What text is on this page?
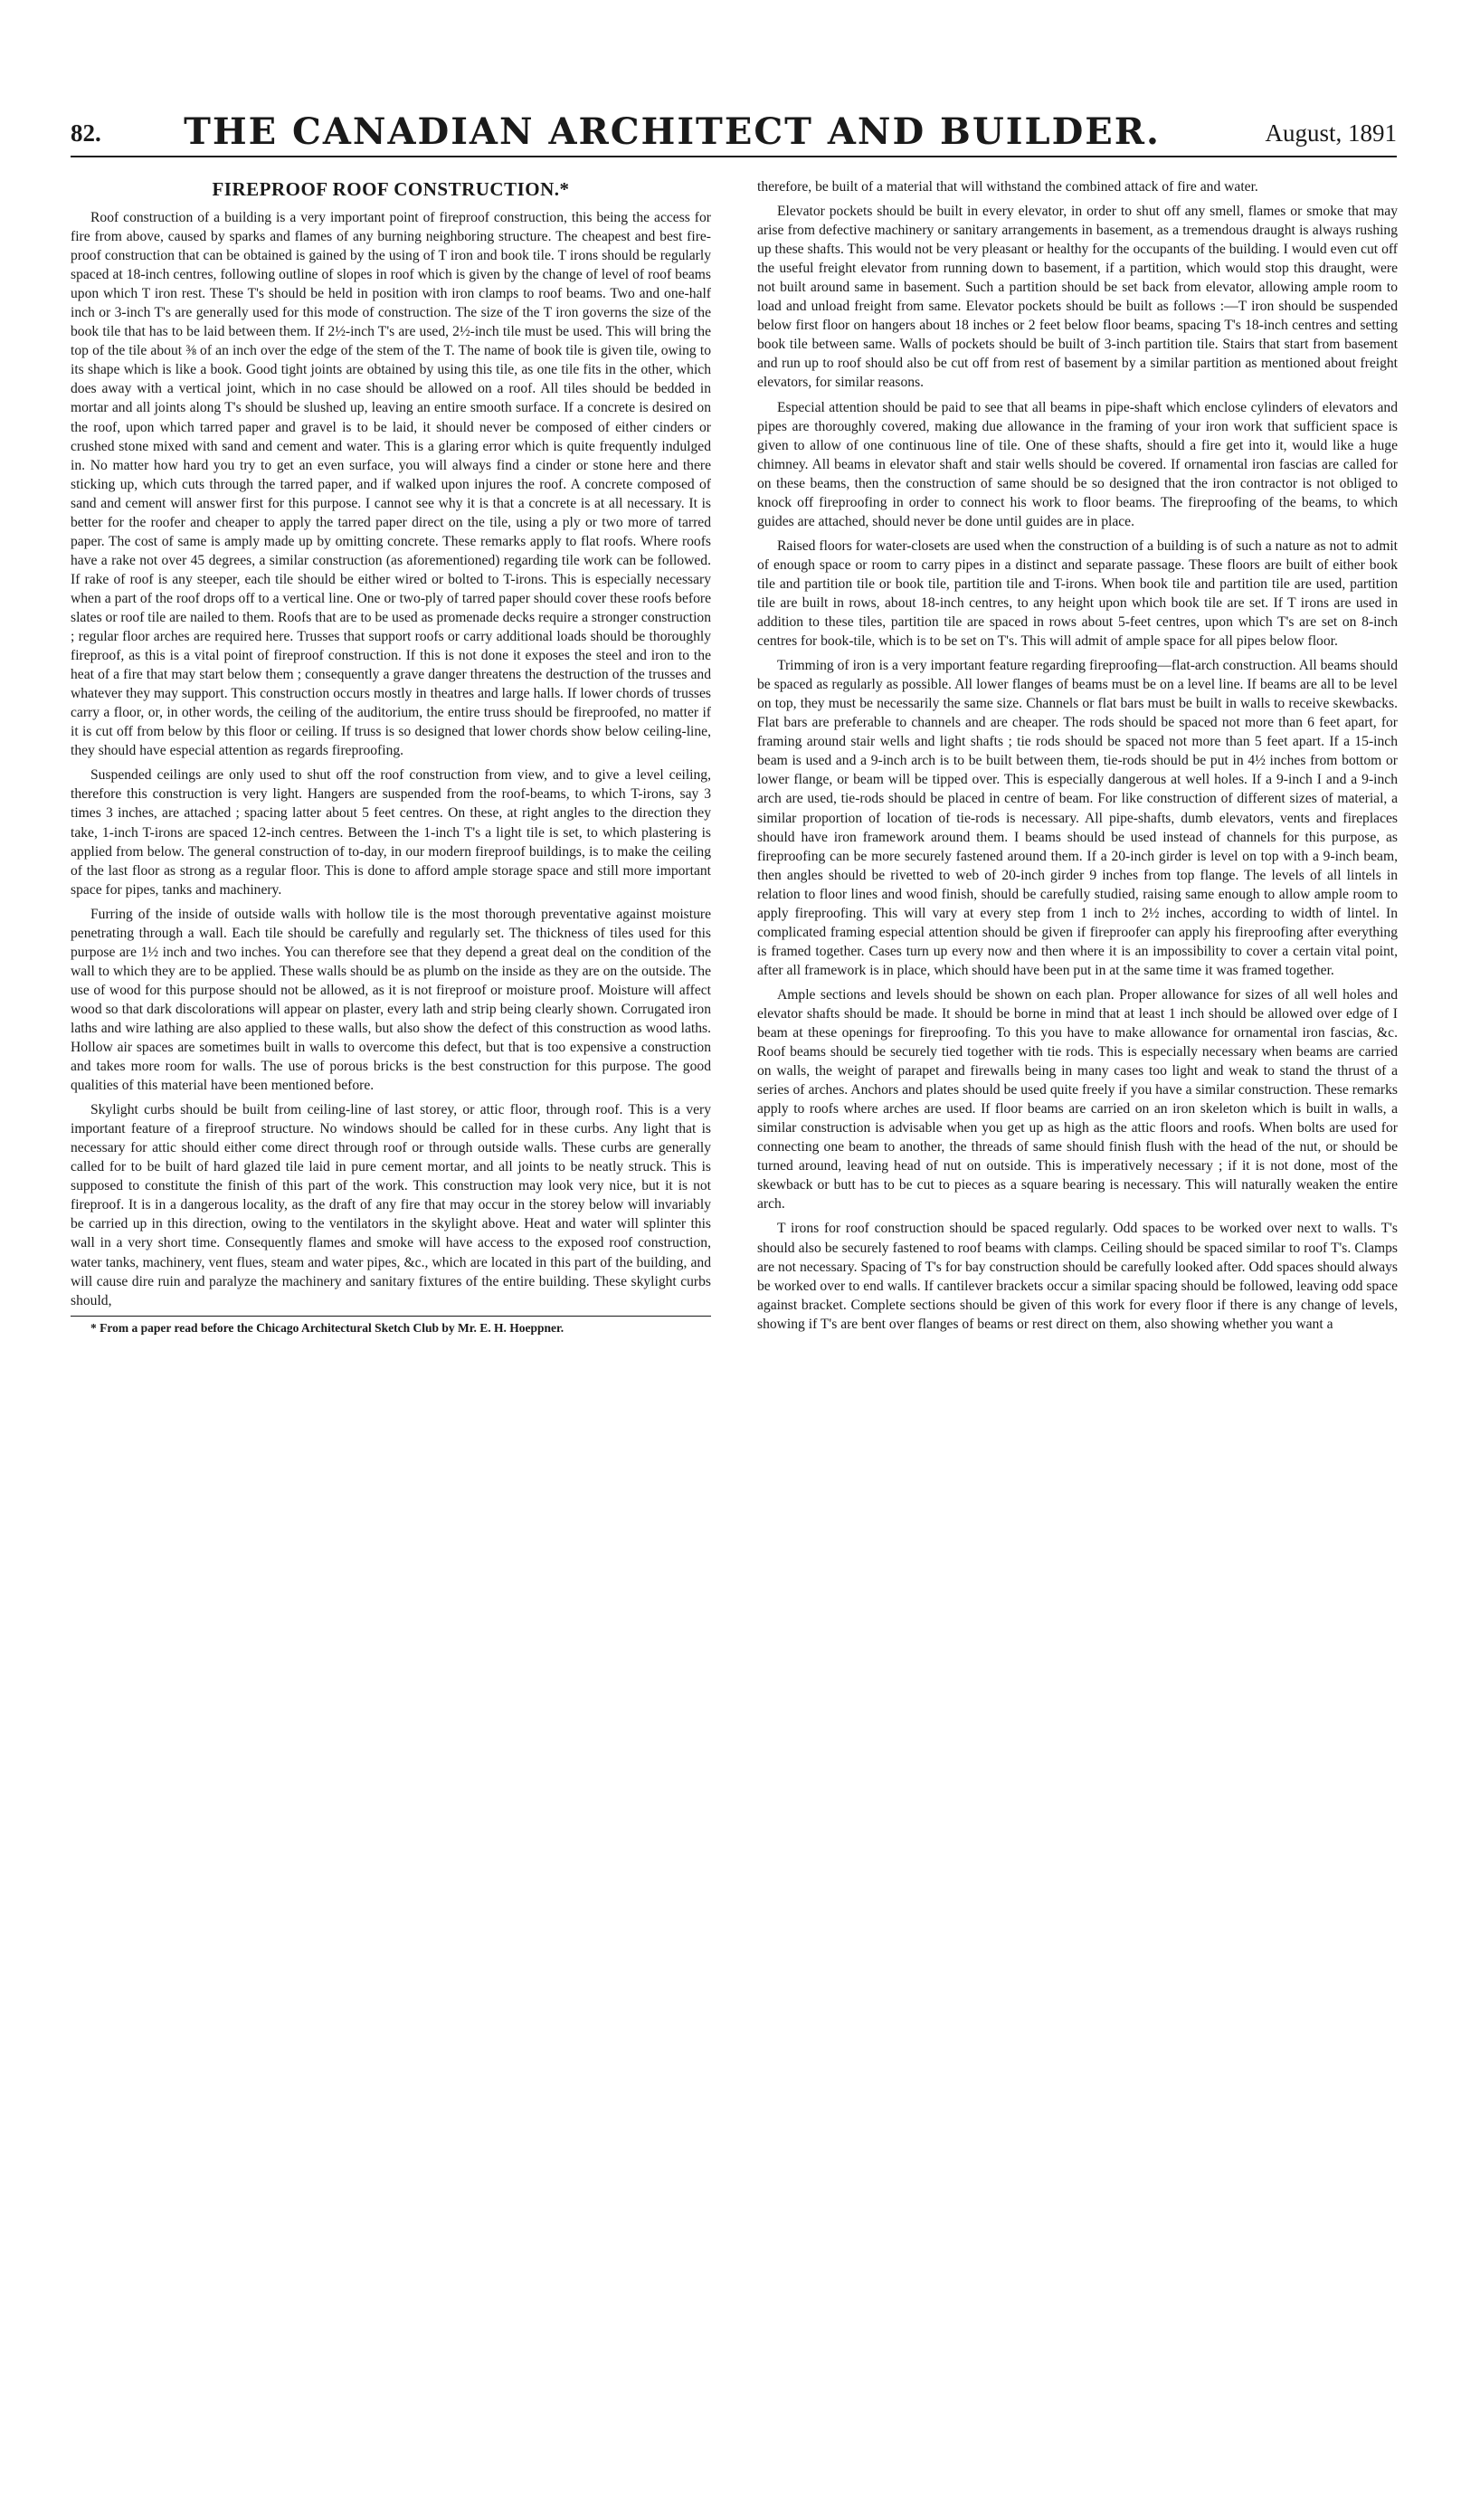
82. THE CANADIAN ARCHITECT AND BUILDER.	August, 1891
FIREPROOF ROOF CONSTRUCTION.*

Roof construction of a building is a very important point of fireproof construction, this being the access for fire from above, caused by sparks and flames of any burning neighboring structure. The cheapest and best fire-proof construction that can be obtained is gained by the using of T iron and book tile. T irons should be regularly spaced at 18-inch centres, following outline of slopes in roof which is given by the change of level of roof beams upon which T iron rest. These T's should be held in position with iron clamps to roof beams. Two and one-half inch or 3-inch T's are generally used for this mode of construction. The size of the T iron governs the size of the book tile that has to be laid between them. If 2½-inch T's are used, 2½-inch tile must be used. This will bring the top of the tile about ⅜ of an inch over the edge of the stem of the T. The name of book tile is given tile, owing to its shape which is like a book. Good tight joints are obtained by using this tile, as one tile fits in the other, which does away with a vertical joint, which in no case should be allowed on a roof. All tiles should be bedded in mortar and all joints along T's should be slushed up, leaving an entire smooth surface. If a concrete is desired on the roof, upon which tarred paper and gravel is to be laid, it should never be composed of either cinders or crushed stone mixed with sand and cement and water. This is a glaring error which is quite frequently indulged in. No matter how hard you try to get an even surface, you will always find a cinder or stone here and there sticking up, which cuts through the tarred paper, and if walked upon injures the roof. A concrete composed of sand and cement will answer first for this purpose. I cannot see why it is that a concrete is at all necessary. It is better for the roofer and cheaper to apply the tarred paper direct on the tile, using a ply or two more of tarred paper. The cost of same is amply made up by omitting concrete. These remarks apply to flat roofs. Where roofs have a rake not over 45 degrees, a similar construction (as aforementioned) regarding tile work can be followed. If rake of roof is any steeper, each tile should be either wired or bolted to T-irons. This is especially necessary when a part of the roof drops off to a vertical line. One or two-ply of tarred paper should cover these roofs before slates or roof tile are nailed to them. Roofs that are to be used as promenade decks require a stronger construction ; regular floor arches are required here. Trusses that support roofs or carry additional loads should be thoroughly fireproof, as this is a vital point of fireproof construction. If this is not done it exposes the steel and iron to the heat of a fire that may start below them ; consequently a grave danger threatens the destruction of the trusses and whatever they may support. This construction occurs mostly in theatres and large halls. If lower chords of trusses carry a floor, or, in other words, the ceiling of the auditorium, the entire truss should be fireproofed, no matter if it is cut off from below by this floor or ceiling. If truss is so designed that lower chords show below ceiling-line, they should have especial attention as regards fireproofing.

Suspended ceilings are only used to shut off the roof construction from view, and to give a level ceiling, therefore this construction is very light. Hangers are suspended from the roof-beams, to which T-irons, say 3 times 3 inches, are attached ; spacing latter about 5 feet centres. On these, at right angles to the direction they take, 1-inch T-irons are spaced 12-inch centres. Between the 1-inch T's a light tile is set, to which plastering is applied from below. The general construction of to-day, in our modern fireproof buildings, is to make the ceiling of the last floor as strong as a regular floor. This is done to afford ample storage space and still more important space for pipes, tanks and machinery.

Furring of the inside of outside walls with hollow tile is the most thorough preventative against moisture penetrating through a wall. Each tile should be carefully and regularly set. The thickness of tiles used for this purpose are 1½ inch and two inches. You can therefore see that they depend a great deal on the condition of the wall to which they are to be applied. These walls should be as plumb on the inside as they are on the outside. The use of wood for this purpose should not be allowed, as it is not fireproof or moisture proof. Moisture will affect wood so that dark discolorations will appear on plaster, every lath and strip being clearly shown. Corrugated iron laths and wire lathing are also applied to these walls, but also show the defect of this construction as wood laths. Hollow air spaces are sometimes built in walls to overcome this defect, but that is too expensive a construction and takes more room for walls. The use of porous bricks is the best construction for this purpose. The good qualities of this material have been mentioned before.

Skylight curbs should be built from ceiling-line of last storey, or attic floor, through roof. This is a very important feature of a fireproof structure. No windows should be called for in these curbs. Any light that is necessary for attic should either come direct through roof or through outside walls. These curbs are generally called for to be built of hard glazed tile laid in pure cement mortar, and all joints to be neatly struck. This is supposed to constitute the finish of this part of the work. This construction may look very nice, but it is not fireproof. It is in a dangerous locality, as the draft of any fire that may occur in the storey below will invariably be carried up in this direction, owing to the ventilators in the skylight above. Heat and water will splinter this wall in a very short time. Consequently flames and smoke will have access to the exposed roof construction, water tanks, machinery, vent flues, steam and water pipes, &c., which are located in this part of the building, and will cause dire ruin and paralyze the machinery and sanitary fixtures of the entire building. These skylight curbs should,

* From a paper read before the Chicago Architectural Sketch Club by Mr. E. H. Hoeppner.

therefore, be built of a material that will withstand the combined attack of fire and water.

Elevator pockets should be built in every elevator, in order to shut off any smell, flames or smoke that may arise from defective machinery or sanitary arrangements in basement, as a tremendous draught is always rushing up these shafts. This would not be very pleasant or healthy for the occupants of the building. I would even cut off the useful freight elevator from running down to basement, if a partition, which would stop this draught, were not built around same in basement. Such a partition should be set back from elevator, allowing ample room to load and unload freight from same. Elevator pockets should be built as follows :—T iron should be suspended below first floor on hangers about 18 inches or 2 feet below floor beams, spacing T's 18-inch centres and setting book tile between same. Walls of pockets should be built of 3-inch partition tile. Stairs that start from basement and run up to roof should also be cut off from rest of basement by a similar partition as mentioned about freight elevators, for similar reasons.

Especial attention should be paid to see that all beams in pipe-shaft which enclose cylinders of elevators and pipes are thoroughly covered, making due allowance in the framing of your iron work that sufficient space is given to allow of one continuous line of tile. One of these shafts, should a fire get into it, would like a huge chimney. All beams in elevator shaft and stair wells should be covered. If ornamental iron fascias are called for on these beams, then the construction of same should be so designed that the iron contractor is not obliged to knock off fireproofing in order to connect his work to floor beams. The fireproofing of the beams, to which guides are attached, should never be done until guides are in place.

Raised floors for water-closets are used when the construction of a building is of such a nature as not to admit of enough space or room to carry pipes in a distinct and separate passage. These floors are built of either book tile and partition tile or book tile, partition tile and T-irons. When book tile and partition tile are used, partition tile are built in rows, about 18-inch centres, to any height upon which book tile are set. If T irons are used in addition to these tiles, partition tile are spaced in rows about 5-feet centres, upon which T's are set on 8-inch centres for book-tile, which is to be set on T's. This will admit of ample space for all pipes below floor.

Trimming of iron is a very important feature regarding fireproofing—flat-arch construction. All beams should be spaced as regularly as possible. All lower flanges of beams must be on a level line. If beams are all to be level on top, they must be necessarily the same size. Channels or flat bars must be built in walls to receive skewbacks. Flat bars are preferable to channels and are cheaper. The rods should be spaced not more than 6 feet apart, for framing around stair wells and light shafts ; tie rods should be spaced not more than 5 feet apart. If a 15-inch beam is used and a 9-inch arch is to be built between them, tie-rods should be put in 4½ inches from bottom or lower flange, or beam will be tipped over. This is especially dangerous at well holes. If a 9-inch I and a 9-inch arch are used, tie-rods should be placed in centre of beam. For like construction of different sizes of material, a similar proportion of location of tie-rods is necessary. All pipe-shafts, dumb elevators, vents and fireplaces should have iron framework around them. I beams should be used instead of channels for this purpose, as fireproofing can be more securely fastened around them. If a 20-inch girder is level on top with a 9-inch beam, then angles should be rivetted to web of 20-inch girder 9 inches from top flange. The levels of all lintels in relation to floor lines and wood finish, should be carefully studied, raising same enough to allow ample room to apply fireproofing. This will vary at every step from 1 inch to 2½ inches, according to width of lintel. In complicated framing especial attention should be given if fireproofer can apply his fireproofing after everything is framed together. Cases turn up every now and then where it is an impossibility to cover a certain vital point, after all framework is in place, which should have been put in at the same time it was framed together.

Ample sections and levels should be shown on each plan. Proper allowance for sizes of all well holes and elevator shafts should be made. It should be borne in mind that at least 1 inch should be allowed over edge of I beam at these openings for fireproofing. To this you have to make allowance for ornamental iron fascias, &c. Roof beams should be securely tied together with tie rods. This is especially necessary when beams are carried on walls, the weight of parapet and firewalls being in many cases too light and weak to stand the thrust of a series of arches. Anchors and plates should be used quite freely if you have a similar construction. These remarks apply to roofs where arches are used. If floor beams are carried on an iron skeleton which is built in walls, a similar construction is advisable when you get up as high as the attic floors and roofs. When bolts are used for connecting one beam to another, the threads of same should finish flush with the head of the nut, or should be turned around, leaving head of nut on outside. This is imperatively necessary ; if it is not done, most of the skewback or butt has to be cut to pieces as a square bearing is necessary. This will naturally weaken the entire arch.

T irons for roof construction should be spaced regularly. Odd spaces to be worked over next to walls. T's should also be securely fastened to roof beams with clamps. Ceiling should be spaced similar to roof T's. Clamps are not necessary. Spacing of T's for bay construction should be carefully looked after. Odd spaces should always be worked over to end walls. If cantilever brackets occur a similar spacing should be followed, leaving odd space against bracket. Complete sections should be given of this work for every floor if there is any change of levels, showing if T's are bent over flanges of beams or rest direct on them, also showing whether you want a
